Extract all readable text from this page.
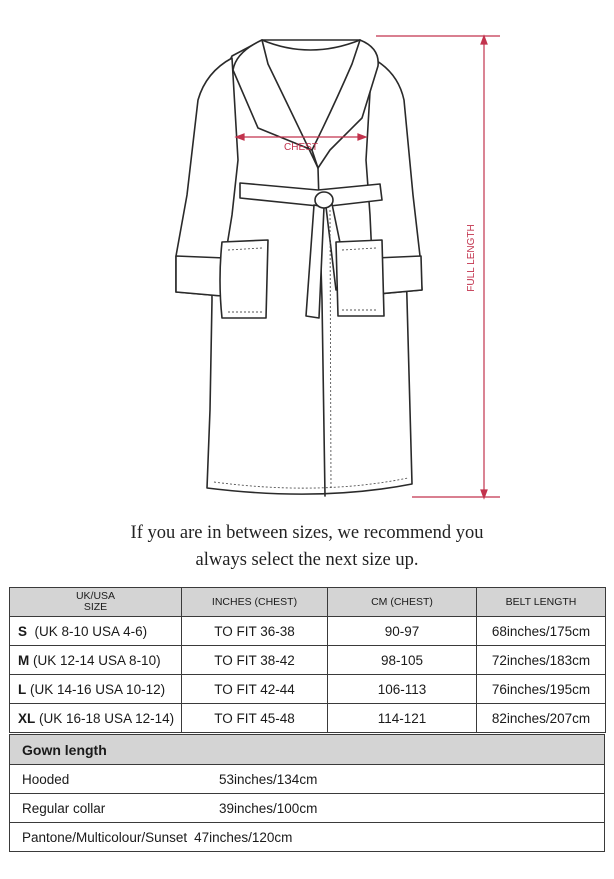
CHEST
FULL LENGTH
If you are in between sizes, we recommend you
always select the next size up.
UK/USA
SIZE	INCHES (CHEST)	CM (CHEST)	BELT LENGTH
S (UK 8-10 USA 4-6)	TO FIT 36-38	90-97	68inches/175cm
M (UK 12-14 USA 8-10)	TO FIT 38-42	98-105	72inches/183cm
L (UK 14-16 USA 10-12)	TO FIT 42-44	106-113	76inches/195cm
XL (UK 16-18 USA 12-14)	TO FIT 45-48	114-121	82inches/207cm
Gown length
Hooded	53inches/134cm
Regular collar	39inches/100cm
Pantone/Multicolour/Sunset 47inches/120cm
